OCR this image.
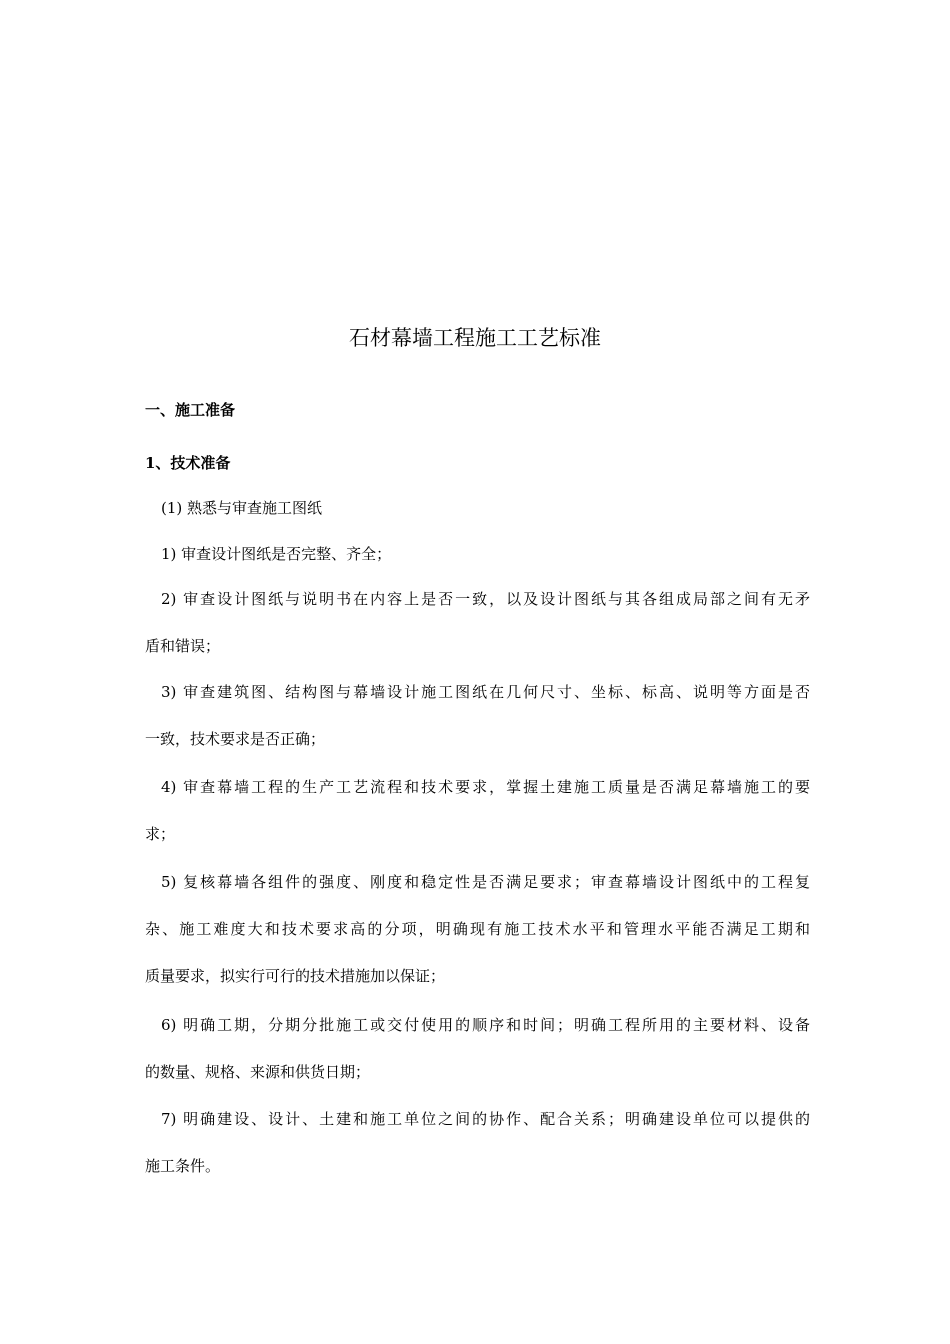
石材幕墙工程施工工艺标准
一、施工准备
1、技术准备
(1) 熟悉与审查施工图纸
1) 审查设计图纸是否完整、齐全；
2) 审查设计图纸与说明书在内容上是否一致，以及设计图纸与其各组成局部之间有无矛
盾和错误；
3) 审查建筑图、结构图与幕墙设计施工图纸在几何尺寸、坐标、标高、说明等方面是否
一致，技术要求是否正确；
4) 审查幕墙工程的生产工艺流程和技术要求，掌握土建施工质量是否满足幕墙施工的要
求；
5) 复核幕墙各组件的强度、刚度和稳定性是否满足要求；审查幕墙设计图纸中的工程复
杂、施工难度大和技术要求高的分项，明确现有施工技术水平和管理水平能否满足工期和
质量要求，拟实行可行的技术措施加以保证；
6) 明确工期，分期分批施工或交付使用的顺序和时间；明确工程所用的主要材料、设备
的数量、规格、来源和供货日期；
7) 明确建设、设计、土建和施工单位之间的协作、配合关系；明确建设单位可以提供的
施工条件。
